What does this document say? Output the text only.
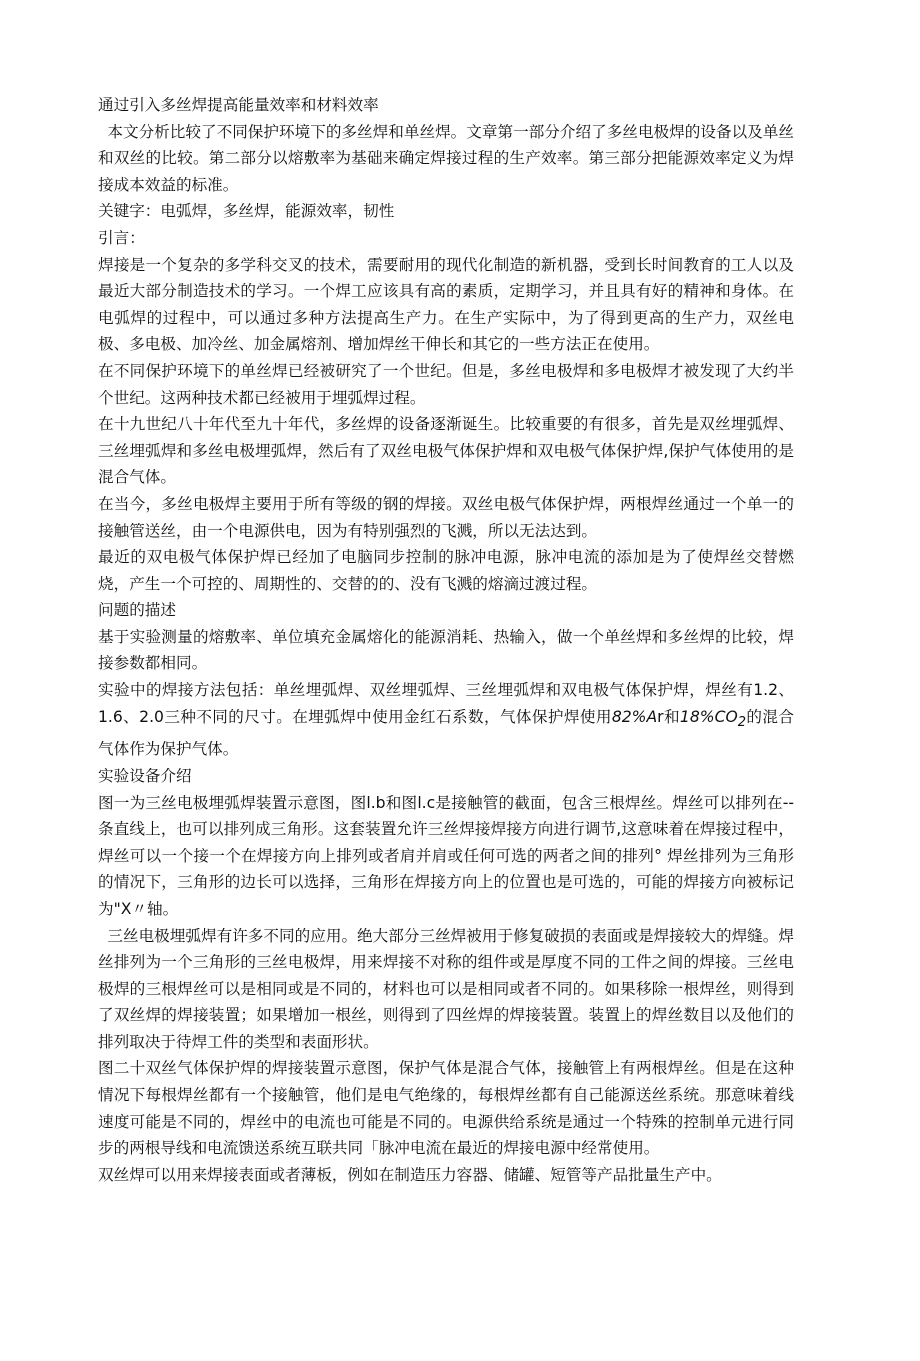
通过引入多丝焊提高能量效率和材料效率

本文分析比较了不同保护环境下的多丝焊和单丝焊。文章第一部分介绍了多丝电极焊的设备以及单丝和双丝的比较。第二部分以熔敷率为基础来确定焊接过程的生产效率。第三部分把能源效率定义为焊接成本效益的标准。

关键字：电弧焊，多丝焊，能源效率，韧性

引言：

焊接是一个复杂的多学科交叉的技术，需要耐用的现代化制造的新机器，受到长时间教育的工人以及最近大部分制造技术的学习。一个焊工应该具有高的素质，定期学习，并且具有好的精神和身体。在电弧焊的过程中，可以通过多种方法提高生产力。在生产实际中，为了得到更高的生产力，双丝电极、多电极、加冷丝、加金属熔剂、增加焊丝干伸长和其它的一些方法正在使用。

在不同保护环境下的单丝焊已经被研究了一个世纪。但是，多丝电极焊和多电极焊才被发现了大约半个世纪。这两种技术都已经被用于埋弧焊过程。

在十九世纪八十年代至九十年代，多丝焊的设备逐渐诞生。比较重要的有很多，首先是双丝埋弧焊、三丝埋弧焊和多丝电极埋弧焊，然后有了双丝电极气体保护焊和双电极气体保护焊,保护气体使用的是混合气体。

在当今，多丝电极焊主要用于所有等级的钢的焊接。双丝电极气体保护焊，两根焊丝通过一个单一的接触管送丝，由一个电源供电，因为有特别强烈的飞溅，所以无法达到。

最近的双电极气体保护焊已经加了电脑同步控制的脉冲电源，脉冲电流的添加是为了使焊丝交替燃烧，产生一个可控的、周期性的、交替的的、没有飞溅的熔滴过渡过程。

问题的描述

基于实验测量的熔敷率、单位填充金属熔化的能源消耗、热输入，做一个单丝焊和多丝焊的比较，焊接参数都相同。

实验中的焊接方法包括：单丝埋弧焊、双丝埋弧焊、三丝埋弧焊和双电极气体保护焊，焊丝有1.2、1.6、2.0三种不同的尺寸。在埋弧焊中使用金红石系数，气体保护焊使用82%Ar和$18\%CO_2$的混合气体作为保护气体。

实验设备介绍

图一为三丝电极埋弧焊装置示意图，图l.b和图l.c是接触管的截面，包含三根焊丝。焊丝可以排列在--条直线上，也可以排列成三角形。这套装置允许三丝焊接焊接方向进行调节,这意味着在焊接过程中，焊丝可以一个接一个在焊接方向上排列或者肩并肩或任何可选的两者之间的排列° 焊丝排列为三角形的情况下，三角形的边长可以选择，三角形在焊接方向上的位置也是可选的，可能的焊接方向被标记为"X〃轴。

三丝电极埋弧焊有许多不同的应用。绝大部分三丝焊被用于修复破损的表面或是焊接较大的焊缝。焊丝排列为一个三角形的三丝电极焊，用来焊接不对称的组件或是厚度不同的工件之间的焊接。三丝电极焊的三根焊丝可以是相同或是不同的，材料也可以是相同或者不同的。如果移除一根焊丝，则得到了双丝焊的焊接装置；如果增加一根丝，则得到了四丝焊的焊接装置。装置上的焊丝数目以及他们的排列取决于待焊工件的类型和表面形状。

图二十双丝气体保护焊的焊接装置示意图，保护气体是混合气体，接触管上有两根焊丝。但是在这种情况下每根焊丝都有一个接触管，他们是电气绝缘的，每根焊丝都有自己能源送丝系统。那意味着线速度可能是不同的，焊丝中的电流也可能是不同的。电源供给系统是通过一个特殊的控制单元进行同步的两根导线和电流馈送系统互联共同「脉冲电流在最近的焊接电源中经常使用。

双丝焊可以用来焊接表面或者薄板，例如在制造压力容器、储罐、短管等产品批量生产中。
